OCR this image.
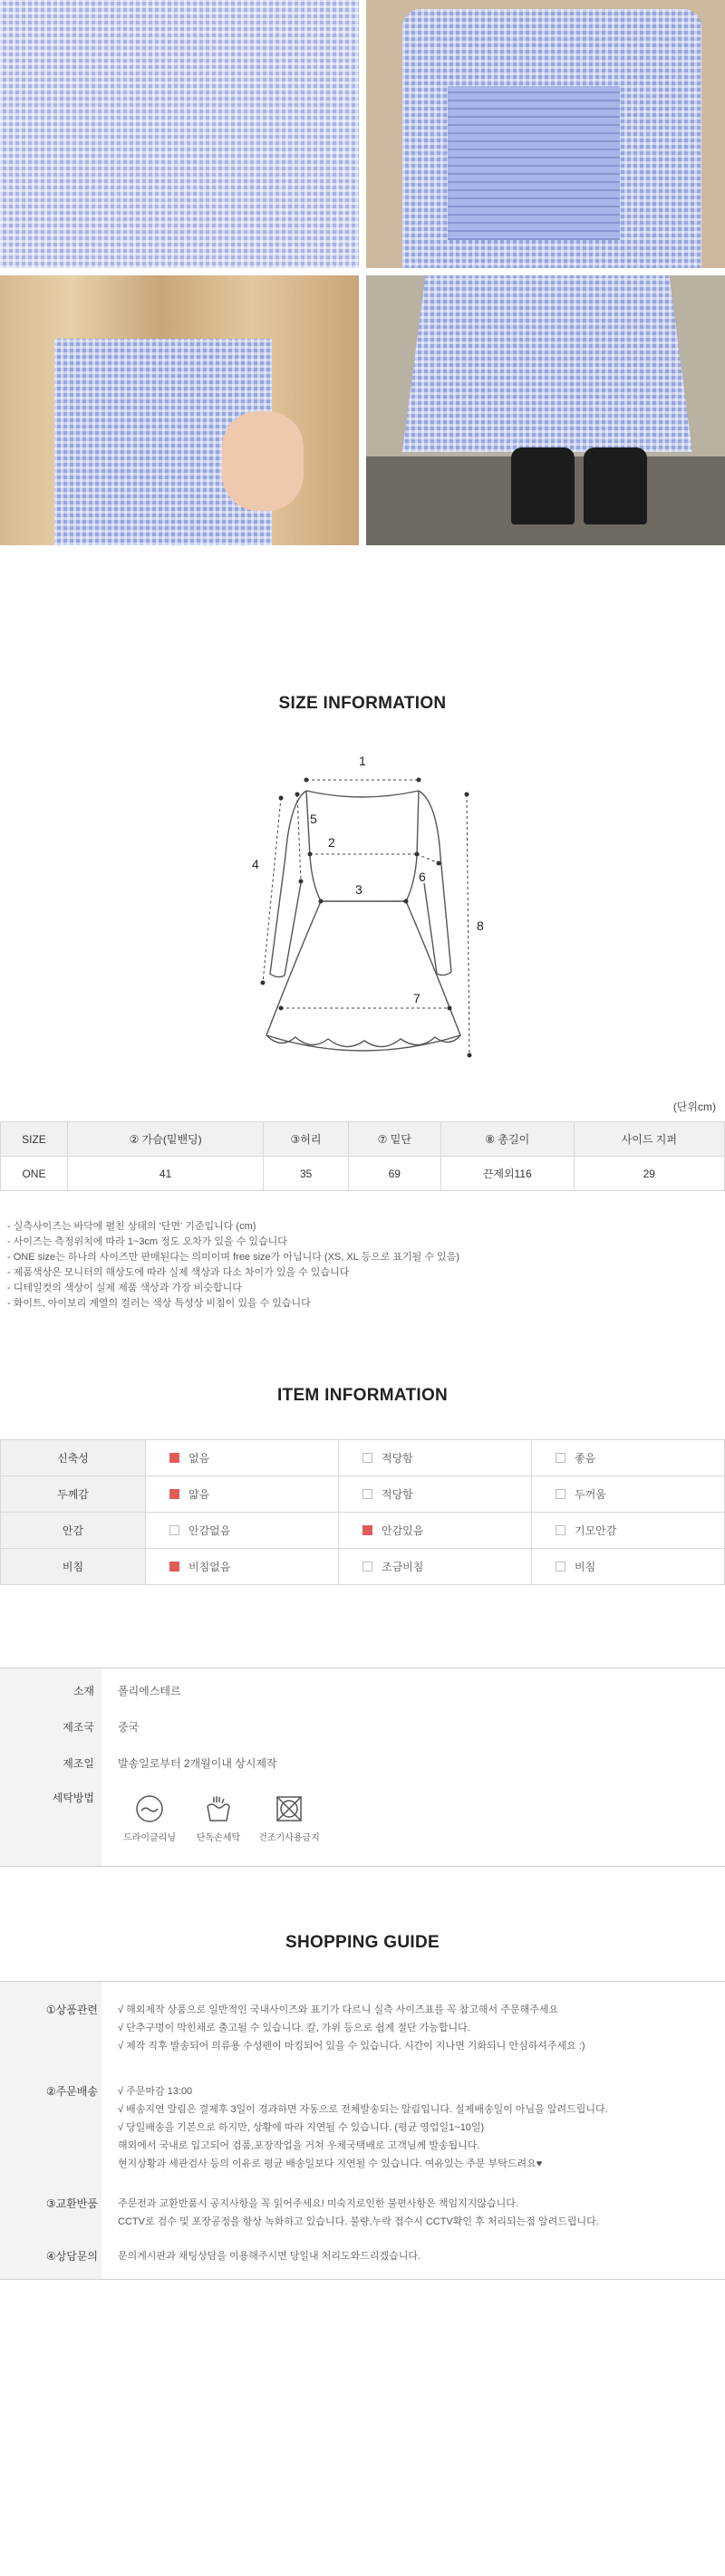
SIZE INFORMATION
1
2
3
4
5
6
7
8
(단위cm)
SIZE	② 가슴(밑밴딩)	③허리	⑦ 밑단	⑧ 총길이	사이드 지퍼
ONE	41	35	69	끈제외116	29
- 실측사이즈는 바닥에 펼친 상태의 '단면' 기준입니다 (cm)
- 사이즈는 측정위치에 따라 1~3cm 정도 오차가 있을 수 있습니다
- ONE size는 하나의 사이즈만 판매된다는 의미이며 free size가 아닙니다 (XS, XL 등으로 표기될 수 있음)
- 제품색상은 모니터의 해상도에 따라 실제 색상과 다소 차이가 있을 수 있습니다
- 디테일컷의 색상이 실제 제품 색상과 가장 비슷합니다
- 화이트, 아이보리 계열의 컬러는 색상 특성상 비침이 있을 수 있습니다
ITEM INFORMATION
신축성	없음	적당함	좋음
두께감	얇음	적당함	두꺼움
안감	안감없음	안감있음	기모안감
비침	비침없음	조금비침	비침
소재 폴리에스테르
제조국 중국
제조일 발송일로부터 2개월이내 상시제작
세탁방법
드라이클리닝	단독손세탁	건조기사용금지
SHOPPING GUIDE
①상품관련 √ 해외제작 상품으로 일반적인 국내사이즈와 표기가 다르니 실측 사이즈표를 꼭 참고해서 주문해주세요
√ 단추구멍이 막힌채로 출고될 수 있습니다. 칼, 가위 등으로 쉽게 절단 가능합니다.
√ 제작 직후 발송되어 의류용 수성펜이 마킹되어 있을 수 있습니다. 시간이 지나면 기화되니 안심하셔주세요 :)
②주문배송 √ 주문마감 13:00
√ 배송지연 알림은 결제후 3일이 경과하면 자동으로 전체발송되는 알림입니다. 실제배송일이 아님을 알려드립니다.
√ 당일배송을 기본으로 하지만, 상황에 따라 지연될 수 있습니다. (평균 영업일1~10일)
해외에서 국내로 입고되어 검품,포장작업을 거쳐 우체국택배로 고객님께 발송됩니다.
현지상황과 세관검사 등의 이유로 평균 배송일보다 지연될 수 있습니다. 여유있는 주문 부탁드려요♥
③교환반품 주문전과 교환반품시 공지사항을 꼭 읽어주세요! 미숙지로인한 불편사항은 책임지지않습니다.
CCTV로 검수 및 포장공정을 항상 녹화하고 있습니다. 불량,누락 접수시 CCTV확인 후 처리되는점 알려드립니다.
④상담문의 문의게시판과 채팅상담을 이용해주시면 당일내 처리도와드리겠습니다.
